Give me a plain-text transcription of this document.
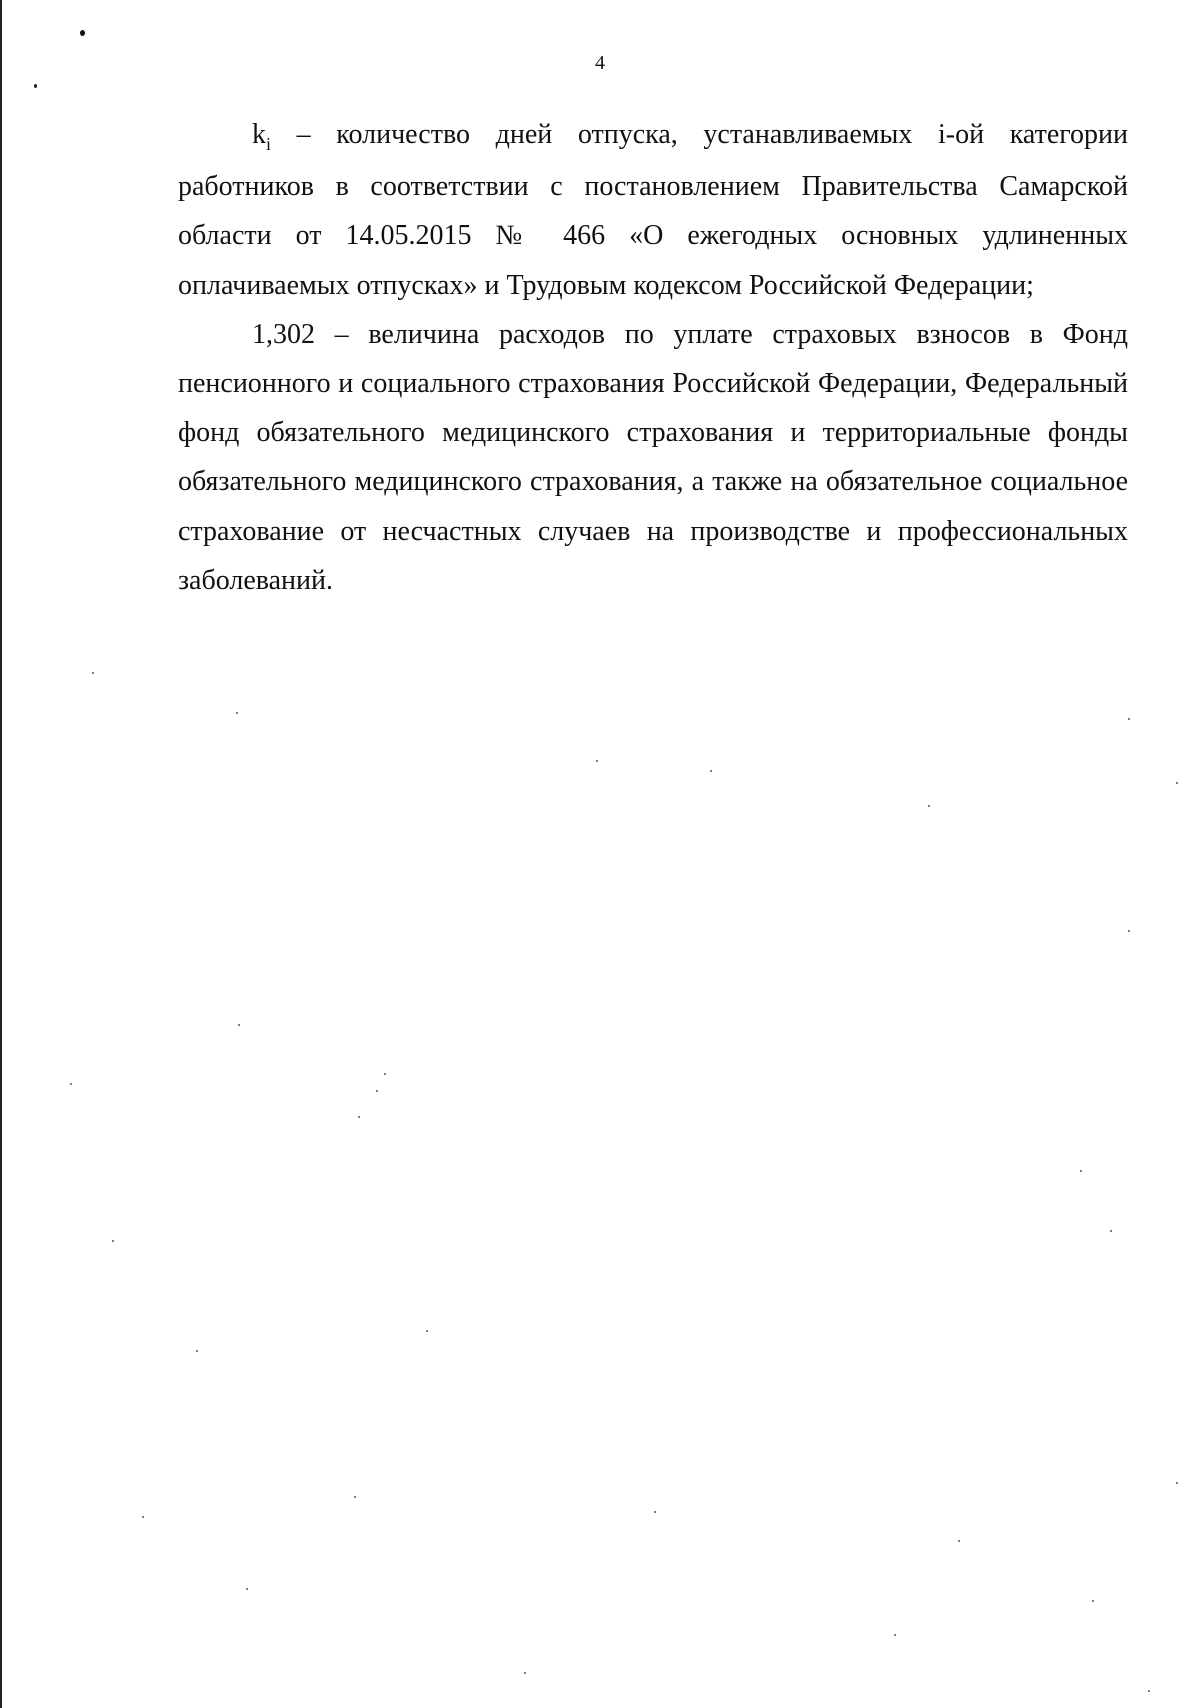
4

$k_i$ – количество дней отпуска, устанавливаемых i-ой категории работников в соответствии с постановлением Правительства Самарской области от 14.05.2015 № 466 «О ежегодных основных удлиненных оплачиваемых отпусках» и Трудовым кодексом Российской Федерации;

1,302 – величина расходов по уплате страховых взносов в Фонд пенсионного и социального страхования Российской Федерации, Федеральный фонд обязательного медицинского страхования и территориальные фонды обязательного медицинского страхования, а также на обязательное социальное страхование от несчастных случаев на производстве и профессиональных заболеваний.
